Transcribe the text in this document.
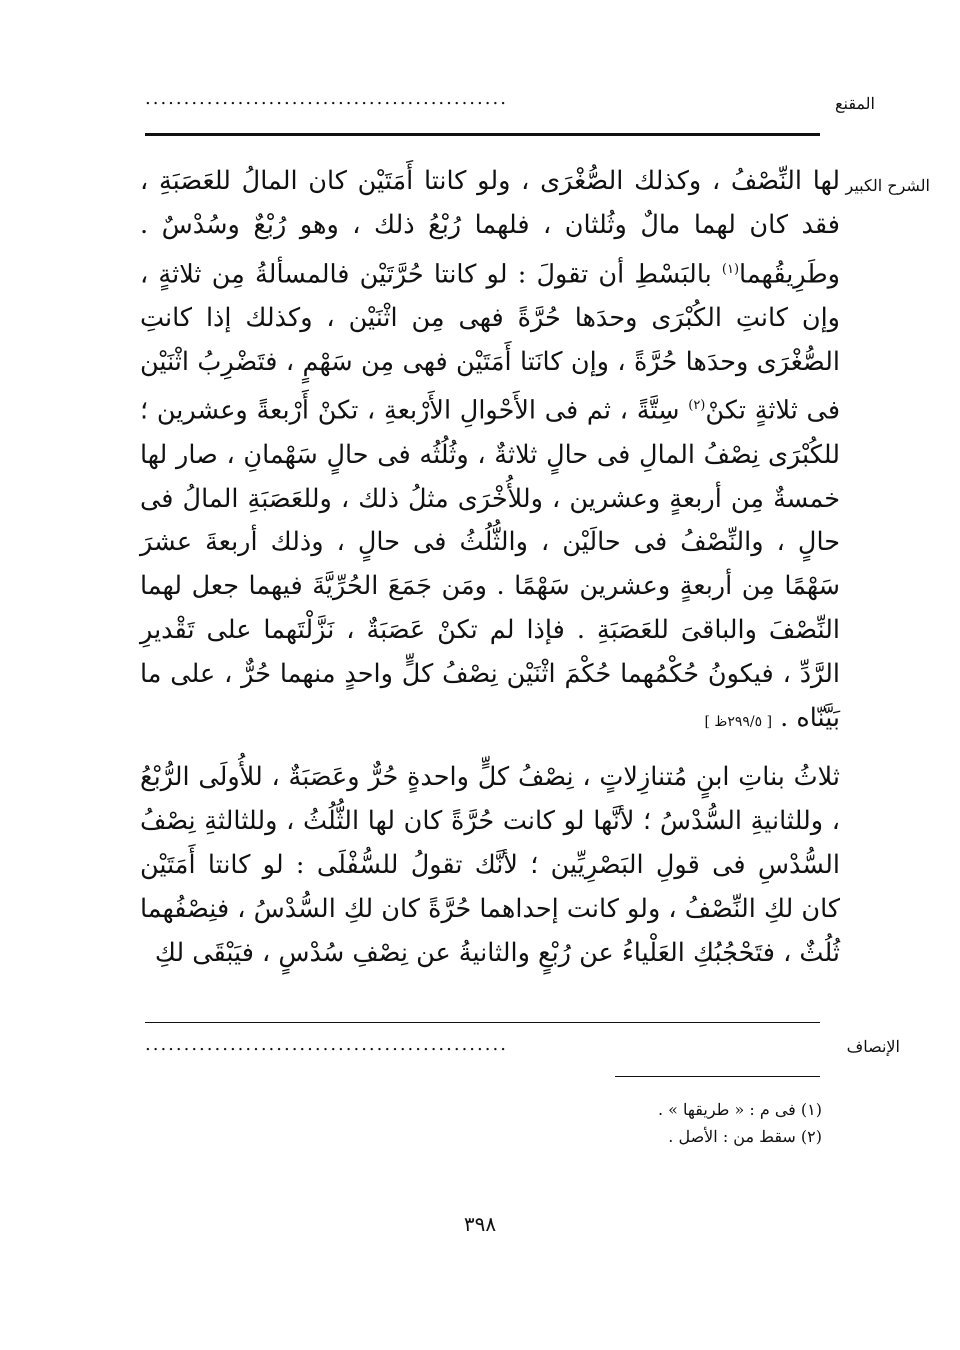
المقنع
...............................................
الشرح الكبير

لها النِّصْفُ ، وكذلك الصُّغْرَى ، ولو كانتا أَمَتَيْن كان المالُ للعَصَبَةِ ، فقد كان لهما مالٌ وثُلثان ، فلهما رُبْعُ ذلك ، وهو رُبْعٌ وسُدْسٌ . وطَرِيقُهما$^{(١)}$ بالبَسْطِ أن تقولَ : لو كانتا حُرَّتَيْن فالمسألةُ مِن ثلاثةٍ ، وإن كانتِ الكُبْرَى وحدَها حُرَّةً فهى مِن اثْنَيْن ، وكذلك إذا كانتِ الصُّغْرَى وحدَها حُرَّةً ، وإن كانَتا أَمَتَيْن فهى مِن سَهْمٍ ، فتَضْرِبُ اثْنَيْن فى ثلاثةٍ تكنْ$^{(٢)}$ سِتَّةً ، ثم فى الأَحْوالِ الأَرْبعةِ ، تكنْ أَرْبعةً وعشرين ؛ للكُبْرَى نِصْفُ المالِ فى حالٍ ثلاثةٌ ، وثُلُثُه فى حالٍ سَهْمانِ ، صار لها خمسةٌ مِن أربعةٍ وعشرين ، وللأُخْرَى مثلُ ذلك ، وللعَصَبَةِ المالُ فى حالٍ ، والنِّصْفُ فى حالَيْن ، والثُّلُثُ فى حالٍ ، وذلك أربعةَ عشرَ سَهْمًا مِن أربعةٍ وعشرين سَهْمًا . ومَن جَمَعَ الحُرِّيَّةَ فيهما جعل لهما النِّصْفَ والباقىَ للعَصَبَةِ . فإذا لم تكنْ عَصَبَةٌ ، نَزَّلْتَهما على تَقْديرِ الرَّدِّ ، فيكونُ حُكْمُهما حُكْمَ اثْنَيْن نِصْفُ كلٍّ واحدٍ منهما حُرٌّ ، على ما بَيَّنّاه . [ ٢٩٩/٥ظ ]

ثلاثُ بناتِ ابنٍ مُتنازِلاتٍ ، نِصْفُ كلٍّ واحدةٍ حُرٌّ وعَصَبَةٌ ، للأُولَى الرُّبْعُ ، وللثانيةِ السُّدْسُ ؛ لأنَّها لو كانت حُرَّةً كان لها الثُّلُثُ ، وللثالثةِ نِصْفُ السُّدْسِ فى قولِ البَصْرِيِّين ؛ لأنَّك تقولُ للسُّفْلَى : لو كانتا أَمَتَيْن كان لكِ النِّصْفُ ، ولو كانت إحداهما حُرَّةً كان لكِ السُّدْسُ ، فنِصْفُهما ثُلُثٌ ، فتَحْجُبُكِ العَلْياءُ عن رُبْعٍ والثانيةُ عن نِصْفِ سُدْسٍ ، فيَبْقَى لكِ

الإنصاف
...............................................

(١) فى م : « طريقها » .

(٢) سقط من : الأصل .

٣٩٨
